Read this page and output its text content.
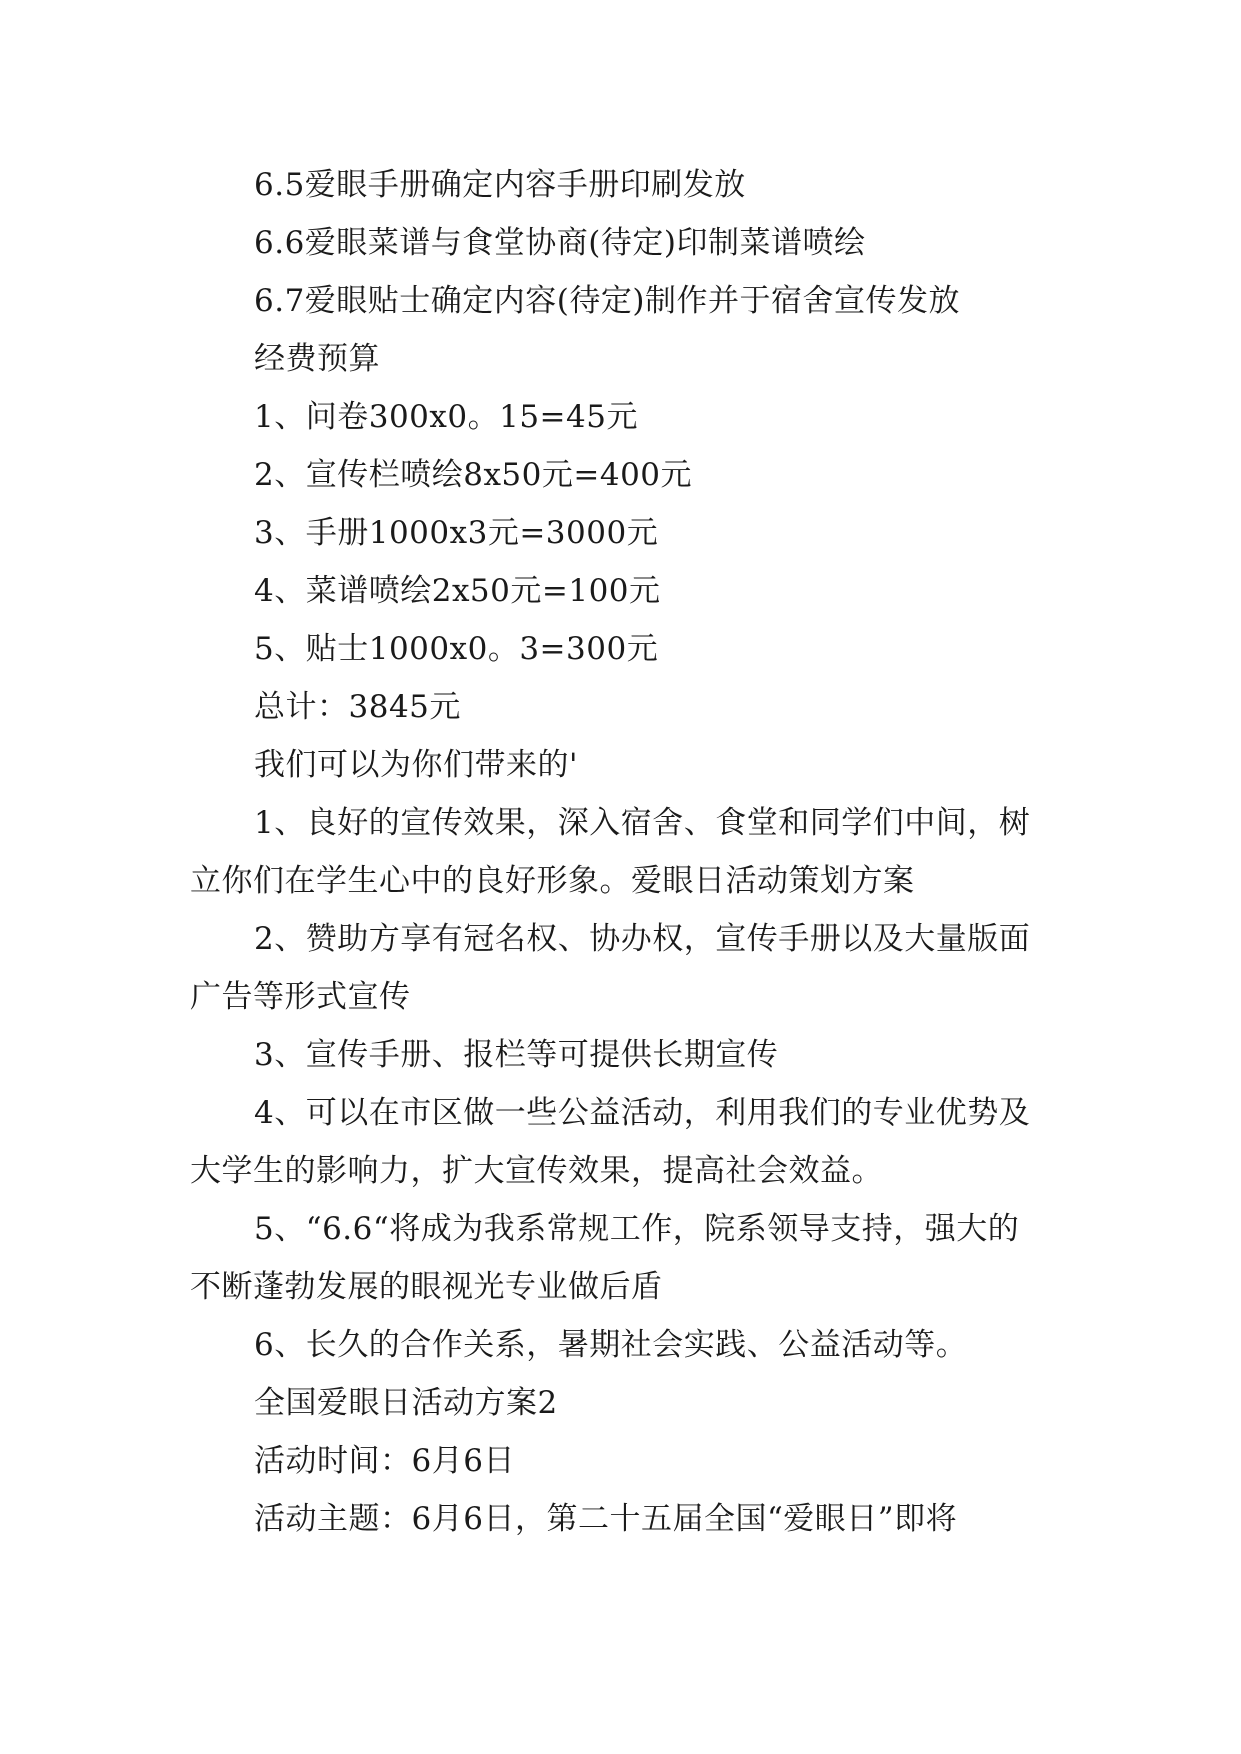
6.5爱眼手册确定内容手册印刷发放

6.6爱眼菜谱与食堂协商(待定)印制菜谱喷绘

6.7爱眼贴士确定内容(待定)制作并于宿舍宣传发放

经费预算

1、问卷300x0。15=45元

2、宣传栏喷绘8x50元=400元

3、手册1000x3元=3000元

4、菜谱喷绘2x50元=100元

5、贴士1000x0。3=300元

总计：3845元

我们可以为你们带来的'

1、良好的宣传效果，深入宿舍、食堂和同学们中间，树立你们在学生心中的良好形象。爱眼日活动策划方案

2、赞助方享有冠名权、协办权，宣传手册以及大量版面广告等形式宣传

3、宣传手册、报栏等可提供长期宣传

4、可以在市区做一些公益活动，利用我们的专业优势及大学生的影响力，扩大宣传效果，提高社会效益。

5、“6.6“将成为我系常规工作，院系领导支持，强大的不断蓬勃发展的眼视光专业做后盾

6、长久的合作关系，暑期社会实践、公益活动等。

全国爱眼日活动方案2

活动时间：6月6日

活动主题：6月6日，第二十五届全国“爱眼日”即将
